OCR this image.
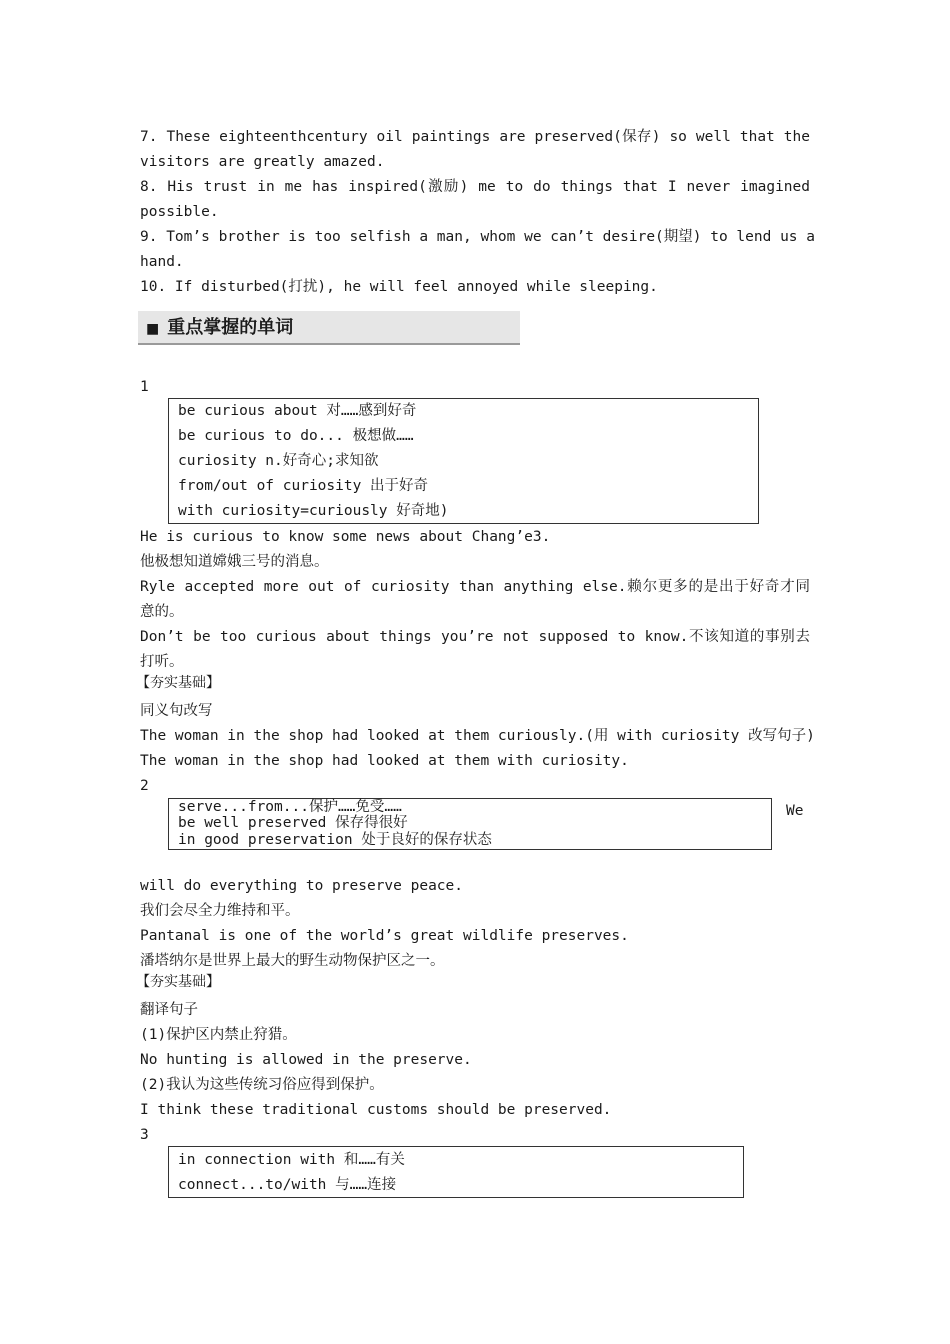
7. These eighteenthcentury oil paintings are preserved(保存) so well that the
visitors are greatly amazed.
8. His trust in me has inspired(激励) me to do things that I never imagined
possible.
9. Tom’s brother is too selfish a man, whom we can’t desire(期望) to lend us a
hand.
10. If disturbed(打扰), he will feel annoyed while sleeping.
■ 重点掌握的单词
1
be curious about 对……感到好奇
be curious to do... 极想做……
curiosity n.好奇心;求知欲
from/out of curiosity 出于好奇
with curiosity=curiously 好奇地)
He is curious to know some news about Chang’e3.
他极想知道嫦娥三号的消息。
Ryle accepted more out of curiosity than anything else.赖尔更多的是出于好奇才同
意的。
Don’t be too curious about things you’re not supposed to know.不该知道的事别去
打听。
【夯实基础】
同义句改写
The woman in the shop had looked at them curiously.(用 with curiosity 改写句子)
The woman in the shop had looked at them with curiosity.
2
serve...from...保护……免受……
be well preserved 保存得很好
in good preservation 处于良好的保存状态
We
will do everything to preserve peace.
我们会尽全力维持和平。
Pantanal is one of the world’s great wildlife preserves.
潘塔纳尔是世界上最大的野生动物保护区之一。
【夯实基础】
翻译句子
(1)保护区内禁止狩猎。
No hunting is allowed in the preserve.
(2)我认为这些传统习俗应得到保护。
I think these traditional customs should be preserved.
3
in connection with 和……有关
connect...to/with 与……连接
